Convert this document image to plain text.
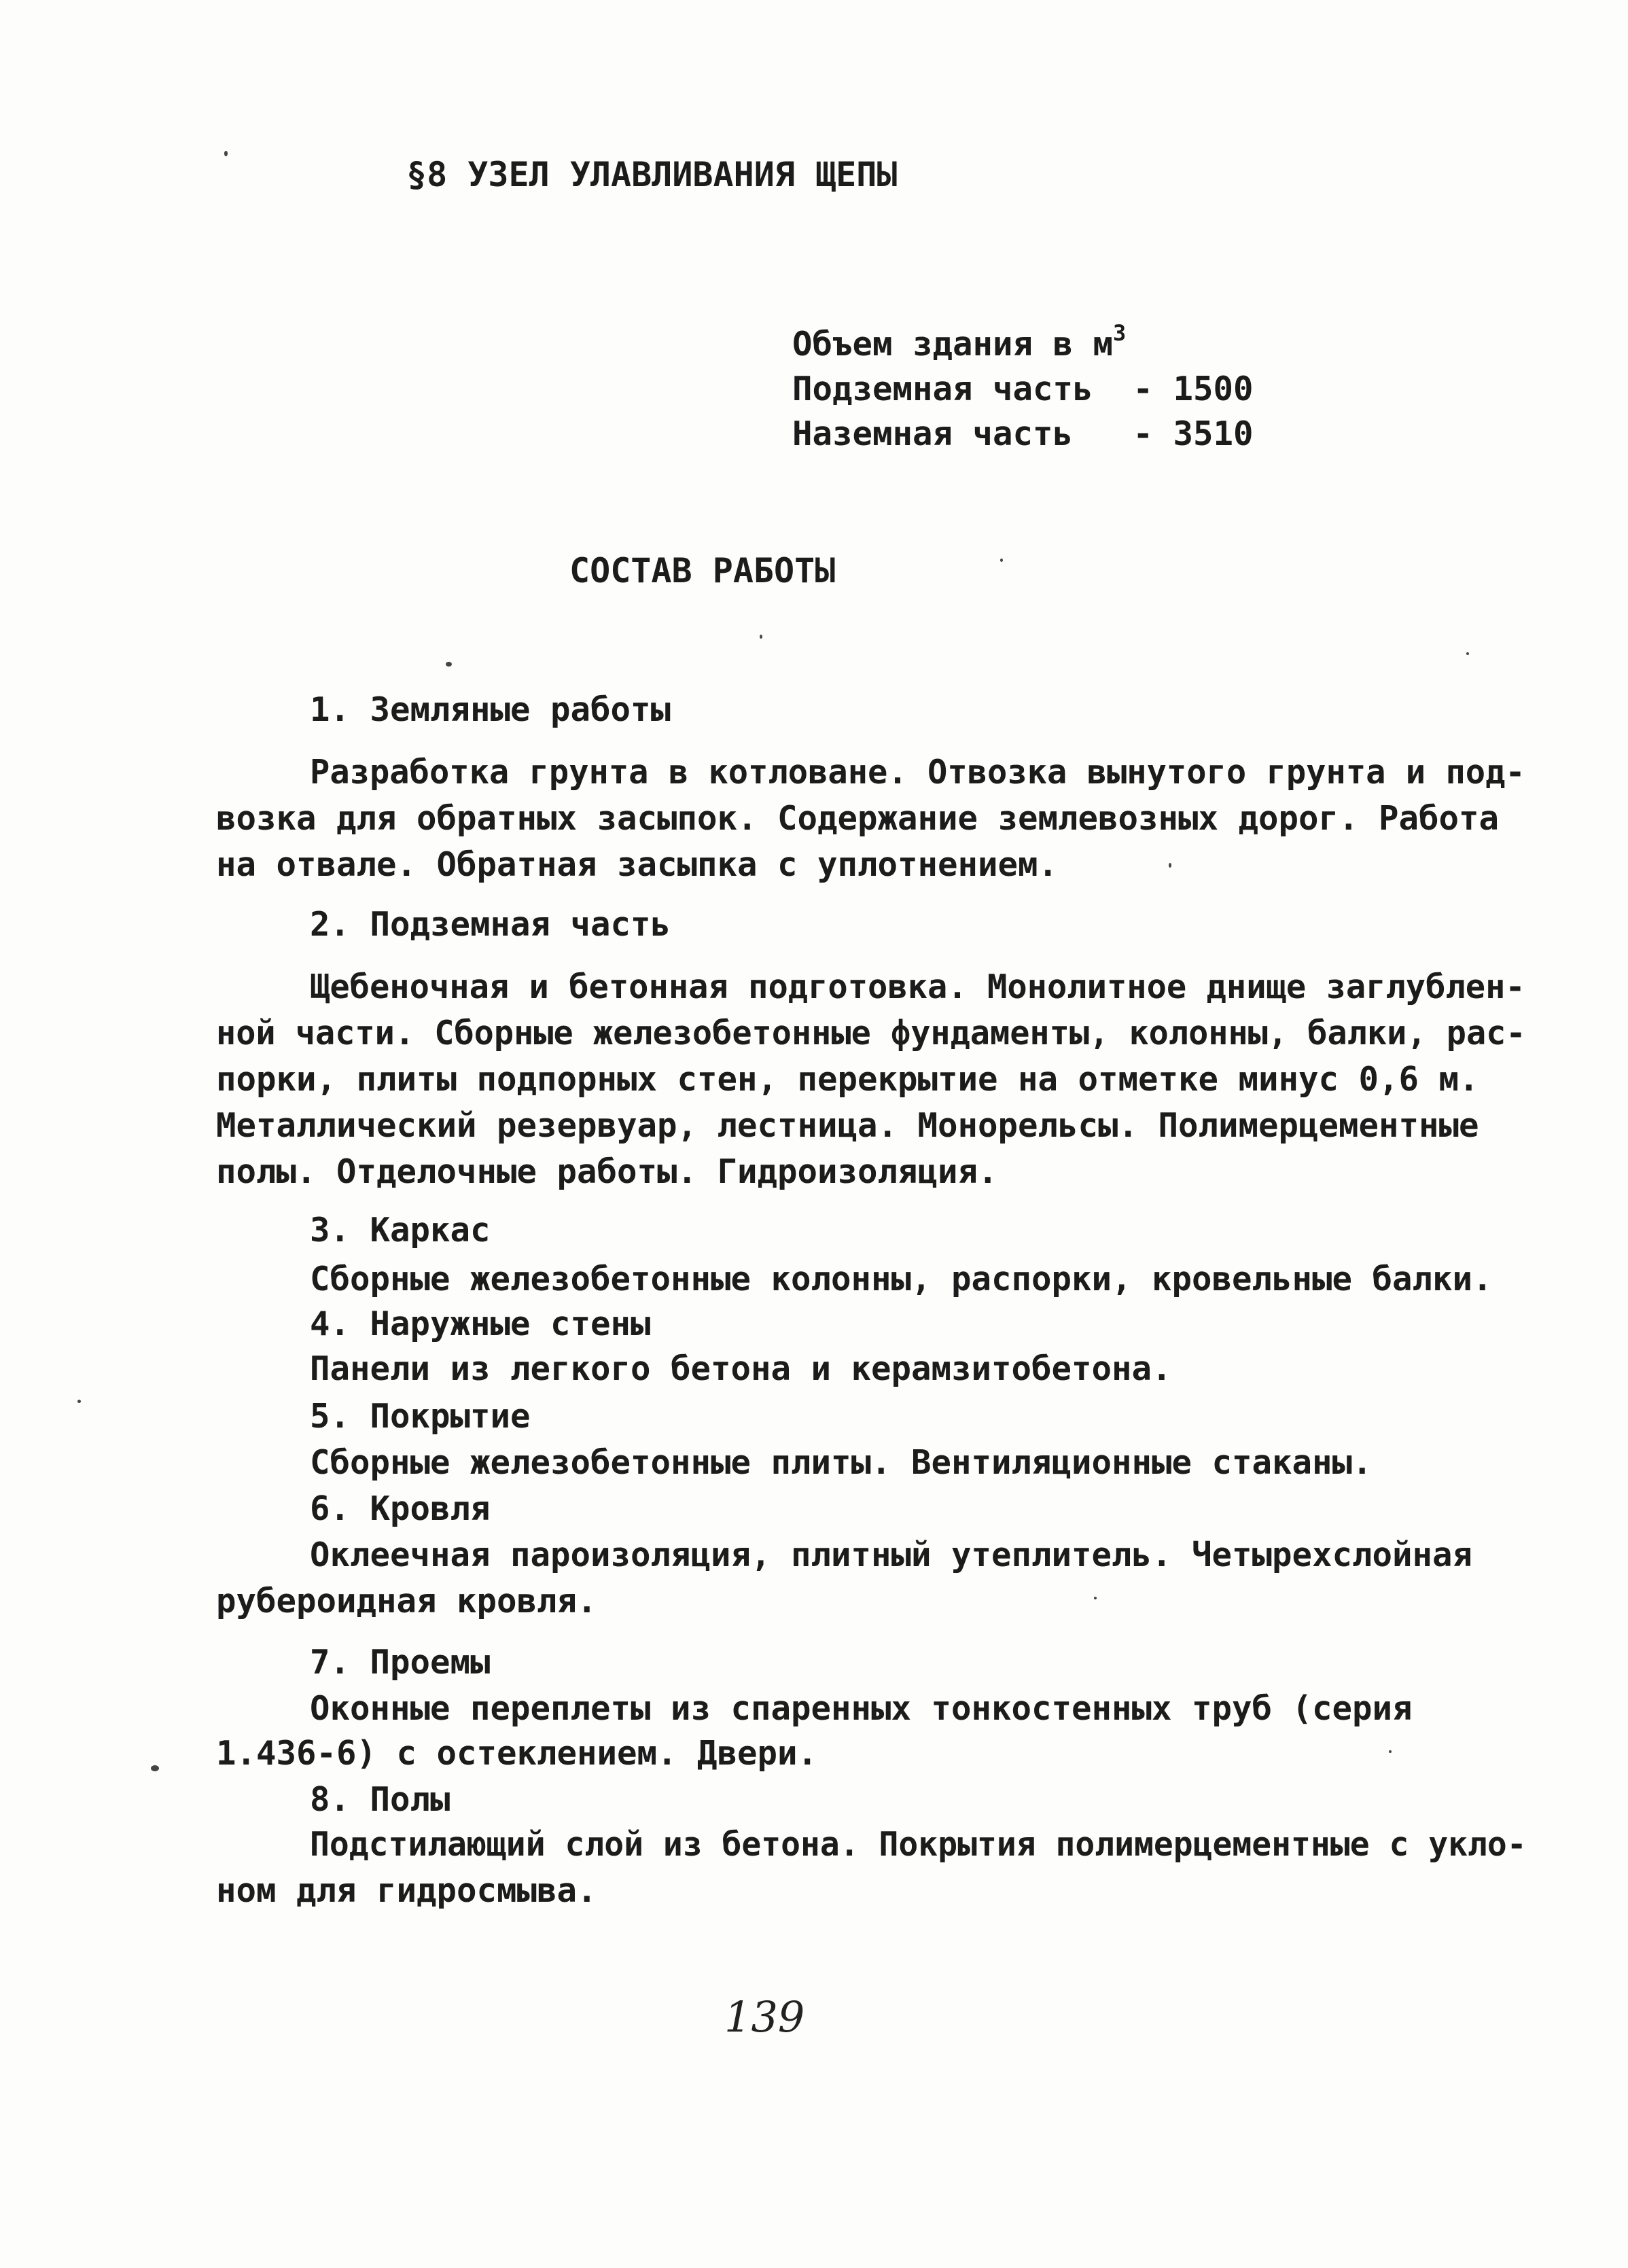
§8 УЗЕЛ УЛАВЛИВАНИЯ ЩЕПЫ
Объем здания в $м^3$
Подземная часть  - 1500
Наземная часть   - 3510
СОСТАВ РАБОТЫ
1. Земляные работы
Разработка грунта в котловане. Отвозка вынутого грунта и под-
возка для обратных засыпок. Содержание землевозных дорог. Работа
на отвале. Обратная засыпка с уплотнением.
2. Подземная часть
Щебеночная и бетонная подготовка. Монолитное днище заглублен-
ной части. Сборные железобетонные фундаменты, колонны, балки, рас-
порки, плиты подпорных стен, перекрытие на отметке минус 0,6 м.
Металлический резервуар, лестница. Монорельсы. Полимерцементные
полы. Отделочные работы. Гидроизоляция.
3. Каркас
Сборные железобетонные колонны, распорки, кровельные балки.
4. Наружные стены
Панели из легкого бетона и керамзитобетона.
5. Покрытие
Сборные железобетонные плиты. Вентиляционные стаканы.
6. Кровля
Оклеечная пароизоляция, плитный утеплитель. Четырехслойная
рубероидная кровля.
7. Проемы
Оконные переплеты из спаренных тонкостенных труб (серия
1.436-6) с остеклением. Двери.
8. Полы
Подстилающий слой из бетона. Покрытия полимерцементные с укло-
ном для гидросмыва.
139
